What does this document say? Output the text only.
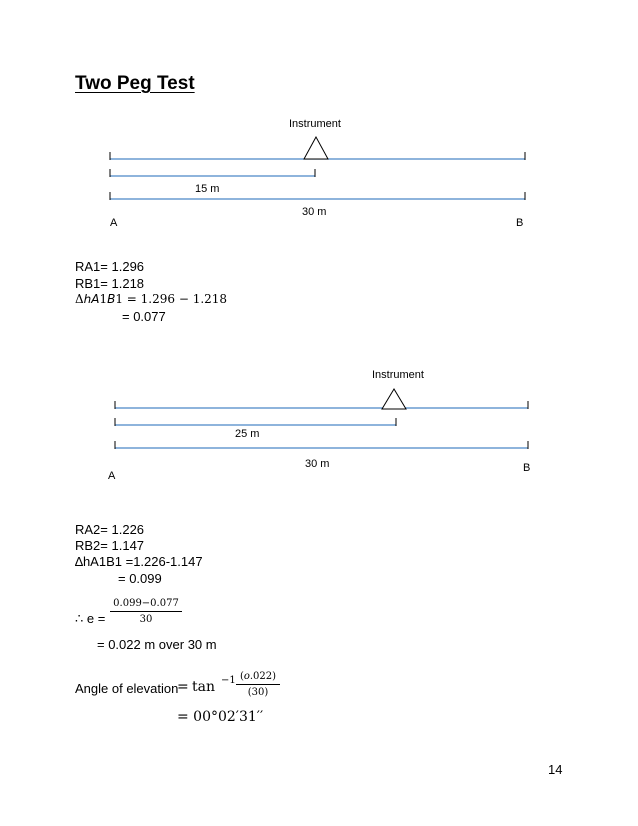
Two Peg Test
Instrument
15 m
30 m
A	B
RA1= 1.296
RB1= 1.218
Δ𝘩𝘈1𝘉1 = 1.296 − 1.218
= 0.077
Instrument
25 m
30 m
A
B
RA2= 1.226
RB2= 1.147
∆hA1B1 =1.226-1.147
= 0.099
∴ e =
0.099−0.077
30
= 0.022 m over 30 m
Angle of elevation
= tan −1 (𝑜.022)
(30)
= 00°02′31′′
14
